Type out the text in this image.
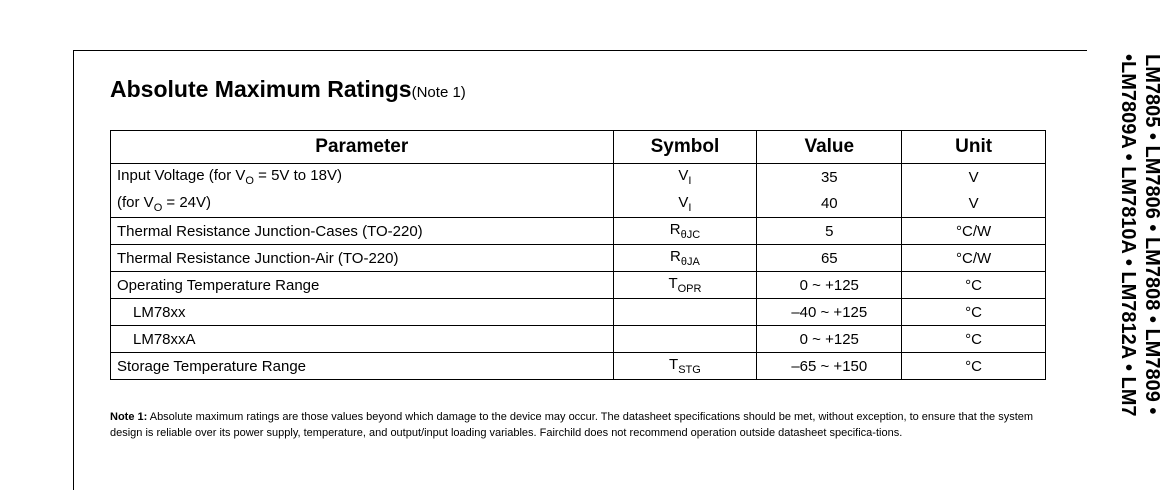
Absolute Maximum Ratings(Note 1)
Parameter	Symbol	Value	Unit
Input Voltage (for $V_O = 5V$ to 18V)	$V_I$	35	V
(for $V_O = 24V$)	$V_I$	40	V
Thermal Resistance Junction-Cases (TO-220)	$R_{\theta JC}$	5	°C/W
Thermal Resistance Junction-Air (TO-220)	$R_{\theta JA}$	65	°C/W
Operating Temperature Range	$T_{OPR}$	0 ~ +125	°C
LM78xx		–40 ~ +125	°C
LM78xxA		0 ~ +125	°C
Storage Temperature Range	$T_{STG}$	–65 ~ +150	°C
Note 1: Absolute maximum ratings are those values beyond which damage to the device may occur. The datasheet specifications should be met, without exception, to ensure that the system design is reliable over its power supply, temperature, and output/input loading variables. Fairchild does not recommend operation outside datasheet specifica-tions.
LM7805 • LM7806 • LM7808 • LM7809 •
•LM7809A • LM7810A • LM7812A • LM7
